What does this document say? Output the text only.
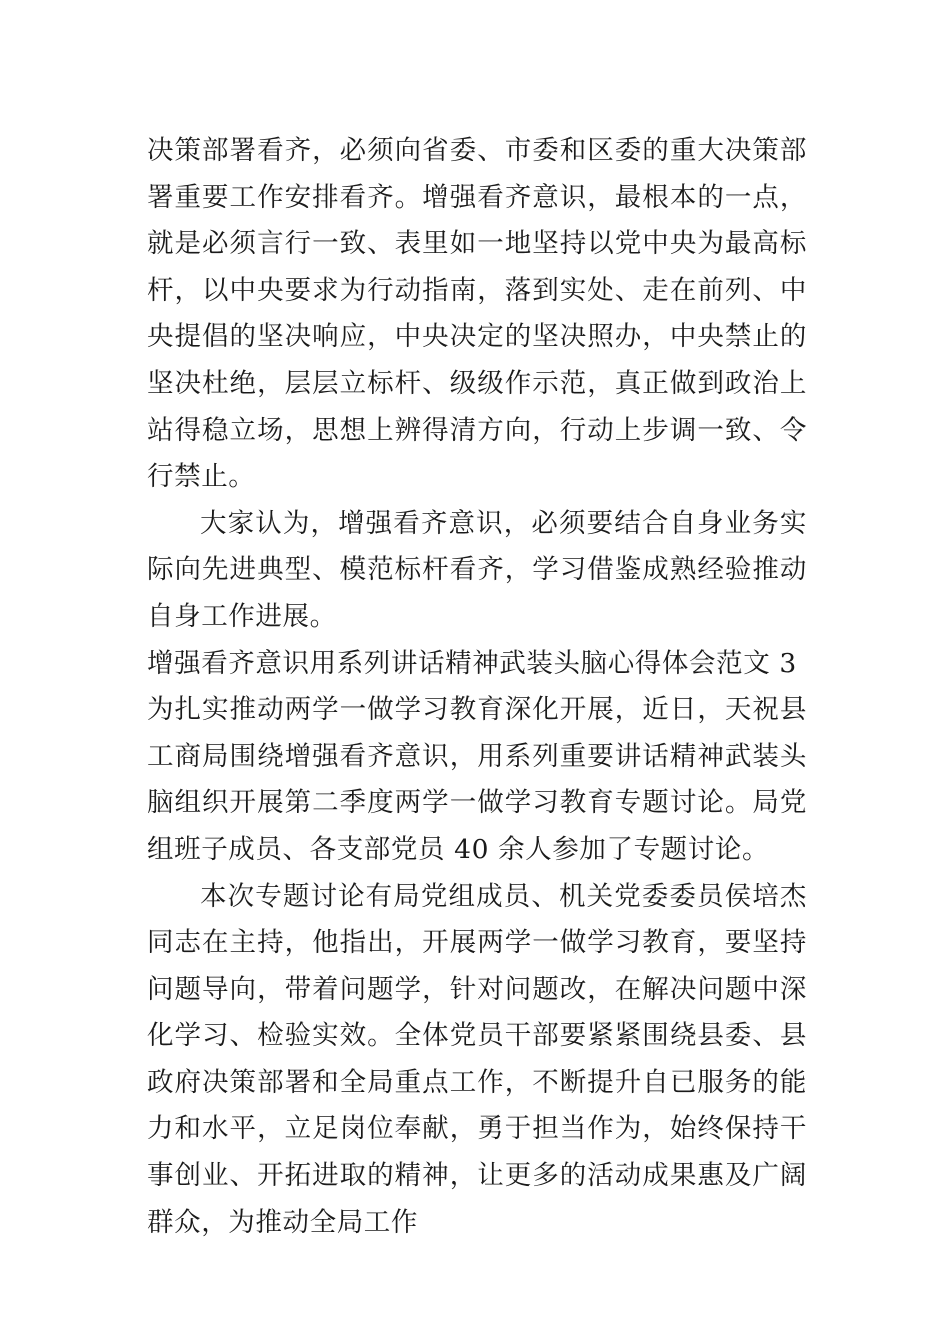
决策部署看齐，必须向省委、市委和区委的重大决策部署重要工作安排看齐。增强看齐意识，最根本的一点，就是必须言行一致、表里如一地坚持以党中央为最高标杆，以中央要求为行动指南，落到实处、走在前列、中央提倡的坚决响应，中央决定的坚决照办，中央禁止的坚决杜绝，层层立标杆、级级作示范，真正做到政治上站得稳立场，思想上辨得清方向，行动上步调一致、令行禁止。

大家认为，增强看齐意识，必须要结合自身业务实际向先进典型、模范标杆看齐，学习借鉴成熟经验推动自身工作进展。

增强看齐意识用系列讲话精神武装头脑心得体会范文 3

为扎实推动两学一做学习教育深化开展，近日，天祝县工商局围绕增强看齐意识，用系列重要讲话精神武装头脑组织开展第二季度两学一做学习教育专题讨论。局党组班子成员、各支部党员 40 余人参加了专题讨论。

本次专题讨论有局党组成员、机关党委委员侯培杰同志在主持，他指出，开展两学一做学习教育，要坚持问题导向，带着问题学，针对问题改，在解决问题中深化学习、检验实效。全体党员干部要紧紧围绕县委、县政府决策部署和全局重点工作，不断提升自已服务的能力和水平，立足岗位奉献，勇于担当作为，始终保持干事创业、开拓进取的精神，让更多的活动成果惠及广阔群众，为推动全局工作
